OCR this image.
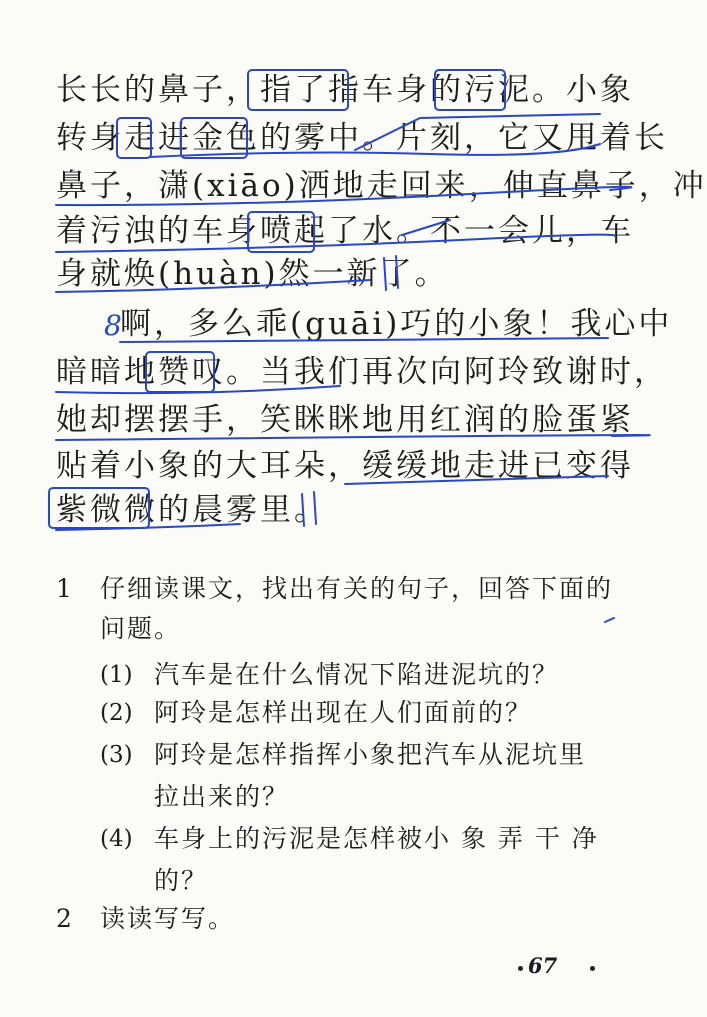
长长的鼻子，指了指车身的污泥。小象
转身走进金色的雾中。片刻，它又甩着长
鼻子，潇(xiāo)洒地走回来，伸直鼻子，冲
着污浊的车身喷起了水。不一会儿，车
身就焕(huàn)然一新了。
啊，多么乖(guāi)巧的小象！我心中
暗暗地赞叹。当我们再次向阿玲致谢时，
她却摆摆手，笑眯眯地用红润的脸蛋紧
贴着小象的大耳朵，缓缓地走进已变得
紫微微的晨雾里。
8
1 仔细读课文，找出有关的句子，回答下面的
问题。
(1) 汽车是在什么情况下陷进泥坑的？
(2) 阿玲是怎样出现在人们面前的？
(3) 阿玲是怎样指挥小象把汽车从泥坑里
拉出来的？
(4) 车身上的污泥是怎样被小 象 弄 干 净
的？
2 读读写写。
67
